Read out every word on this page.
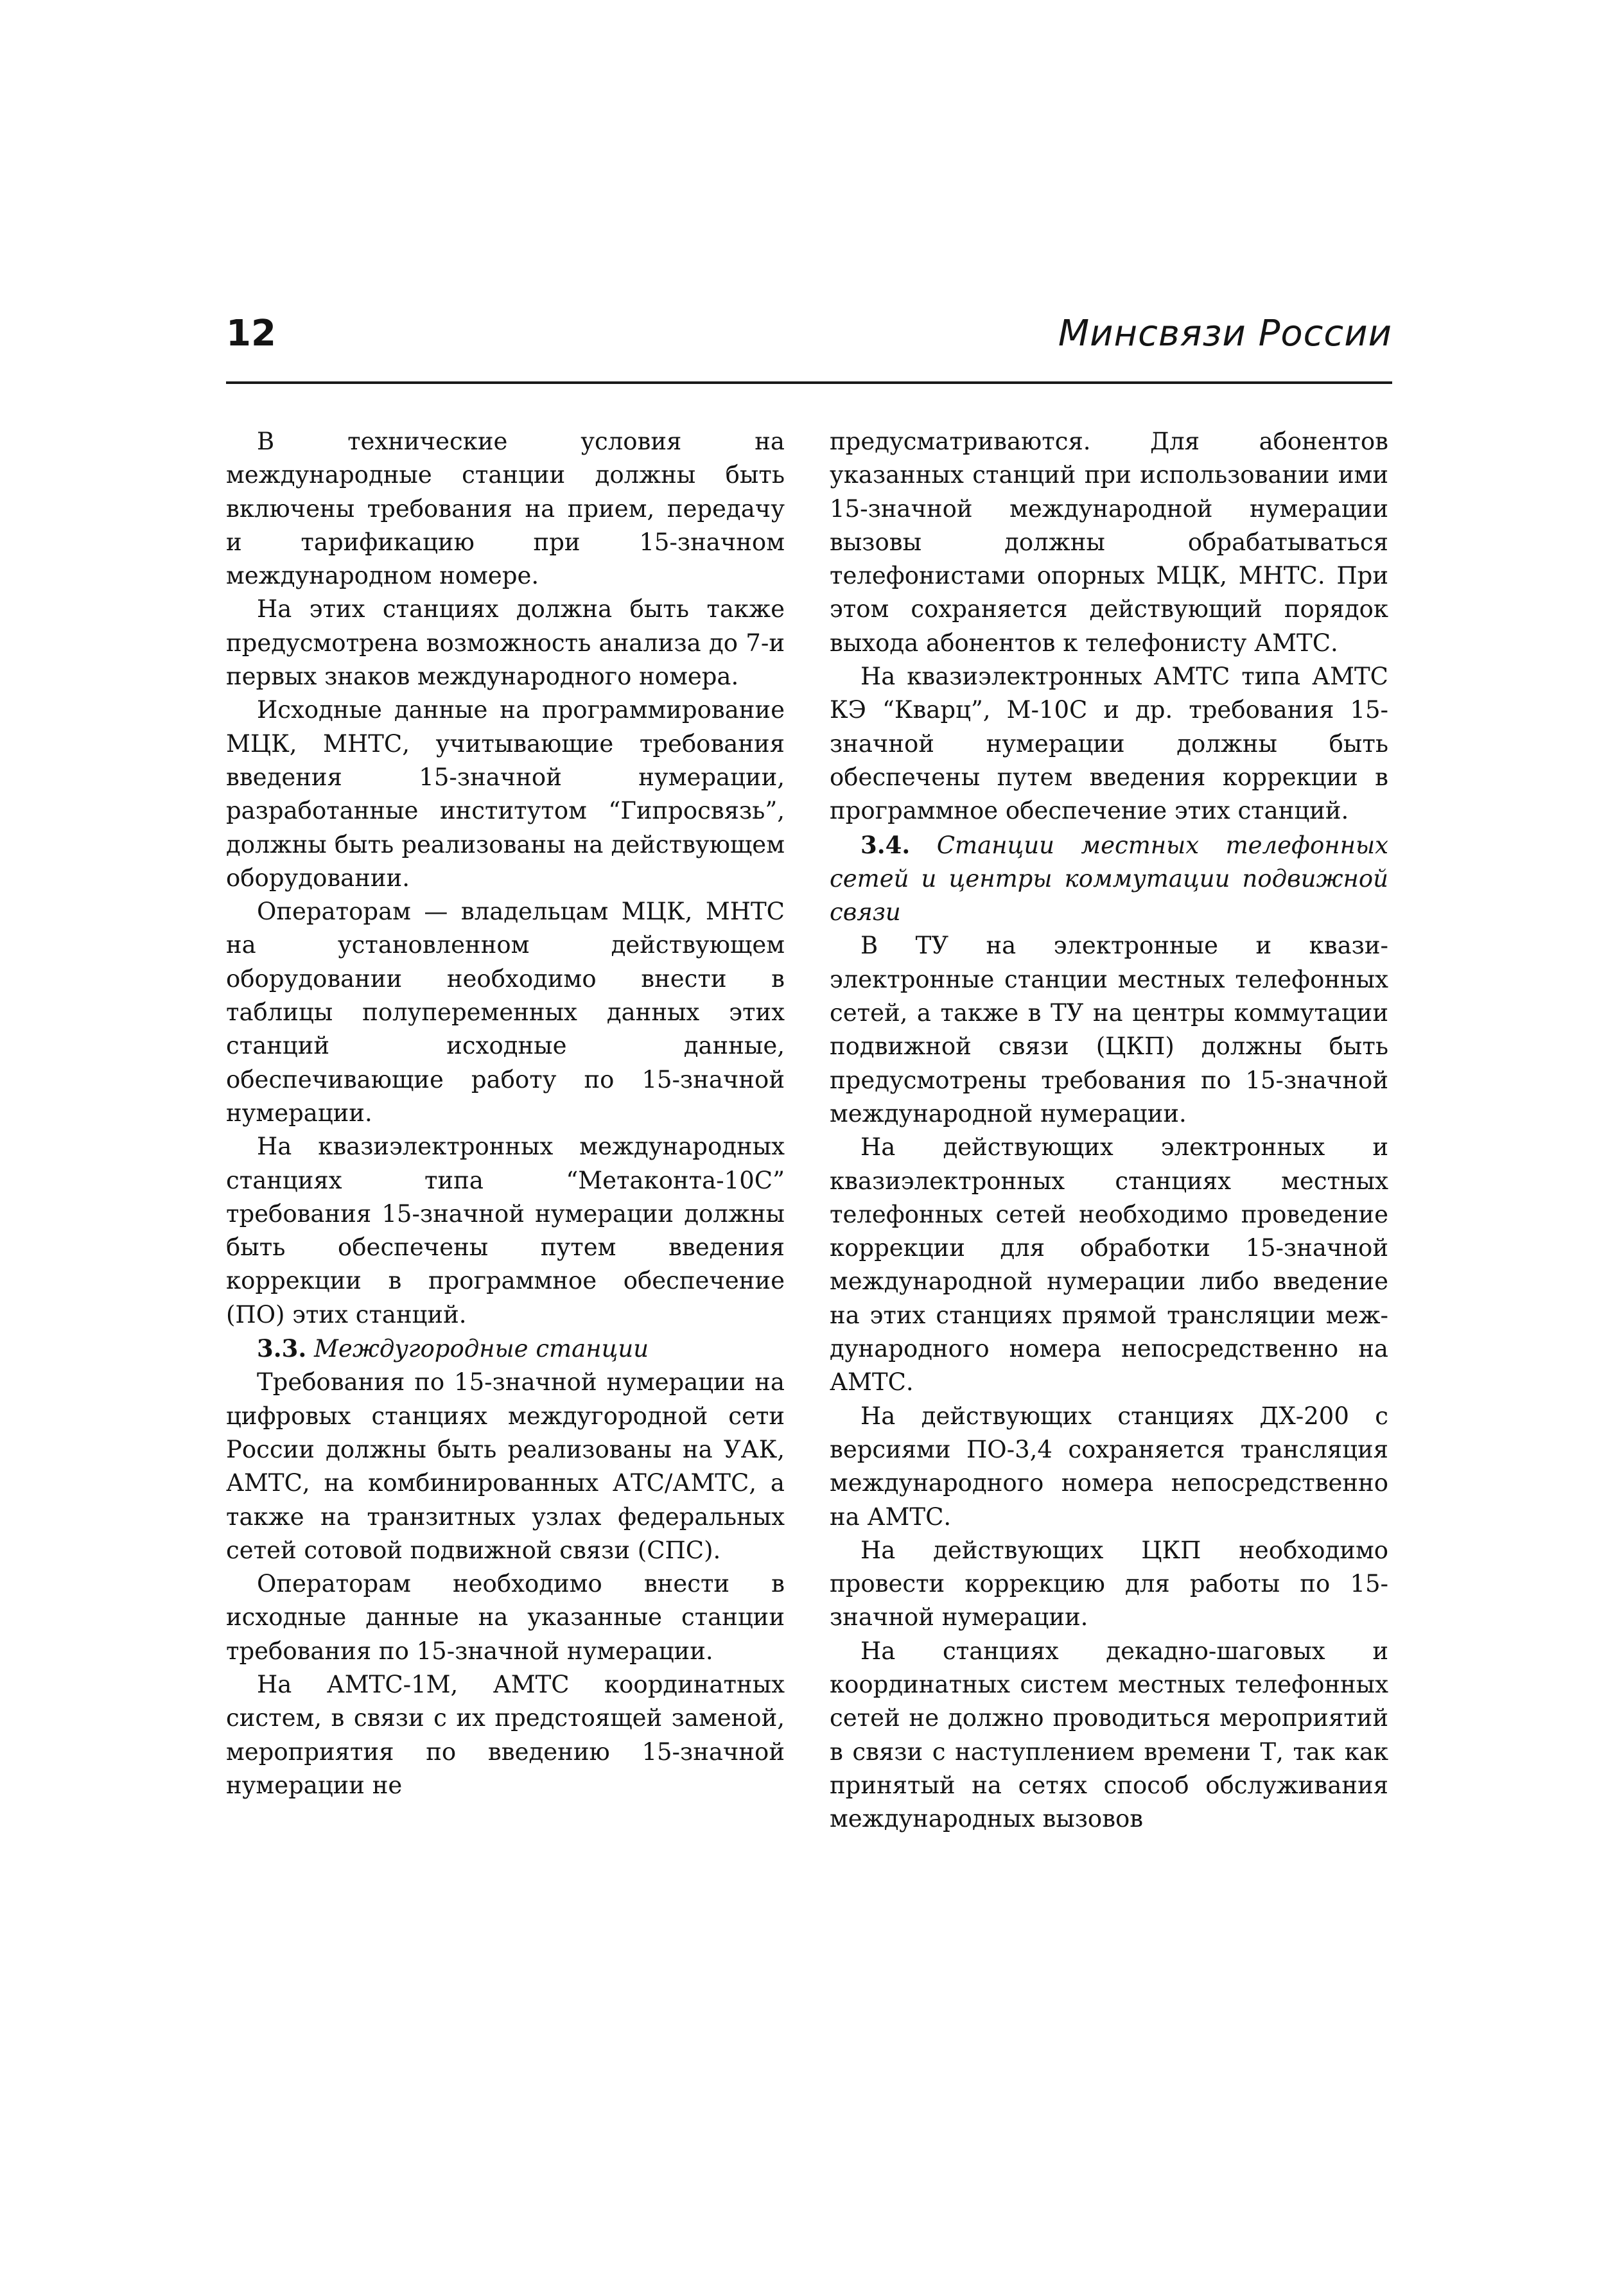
12	Минсвязи России

В технические условия на международные станции должны быть включены требования на прием, передачу и тарификацию при 15-значном международном номере.

На этих станциях должна быть также предусмотрена возможность анализа до 7-и первых знаков международного номера.

Исходные данные на программирование МЦК, МНТС, учитывающие требования введения 15-значной нумерации, разработанные институтом “Гипросвязь”, должны быть реализованы на действующем оборудовании.

Операторам — владельцам МЦК, МНТС на установленном действующем оборудовании необходимо внести в таблицы полупеременных данных этих станций исходные данные, обеспечивающие работу по 15-значной нумерации.

На квазиэлектронных международных станциях типа “Метаконта-10С” требования 15-значной нумерации должны быть обеспечены путем введения коррекции в программное обеспечение (ПО) этих станций.

3.3. Междугородные станции

Требования по 15-значной нумерации на цифровых станциях междугородной сети России должны быть реализованы на УАК, АМТС, на комбинированных АТС/АМТС, а также на транзитных узлах федеральных сетей сотовой подвижной связи (СПС).

Операторам необходимо внести в исходные данные на указанные станции требования по 15-значной нумерации.

На АМТС-1М, АМТС координатных систем, в связи с их предстоящей заменой, мероприятия по введению 15-значной нумерации не

предусматриваются. Для абонентов указанных станций при использовании ими 15-значной международной нумерации вызовы должны обрабатываться телефонистами опорных МЦК, МНТС. При этом сохраняется действующий порядок выхода абонентов к телефонисту АМТС.

На квазиэлектронных АМТС типа АМТС КЭ “Кварц”, М-10С и др. требования 15-значной нумерации должны быть обеспечены путем введения коррекции в программное обеспечение этих станций.

3.4. Станции местных телефонных сетей и центры коммутации подвижной связи

В ТУ на электронные и квазиэлектронные станции местных телефонных сетей, а также в ТУ на центры коммутации подвижной связи (ЦКП) должны быть предусмотрены требования по 15-значной международной нумерации.

На действующих электронных и квазиэлектронных станциях местных телефонных сетей необходимо проведение коррекции для обработки 15-значной международной нумерации либо введение на этих станциях прямой трансляции международного номера непосредственно на АМТС.

На действующих станциях ДХ-200 с версиями ПО-3,4 сохраняется трансляция международного номера непосредственно на АМТС.

На действующих ЦКП необходимо провести коррекцию для работы по 15-значной нумерации.

На станциях декадно-шаговых и координатных систем местных телефонных сетей не должно проводиться мероприятий в связи с наступлением времени Т, так как принятый на сетях способ обслуживания международных вызовов
